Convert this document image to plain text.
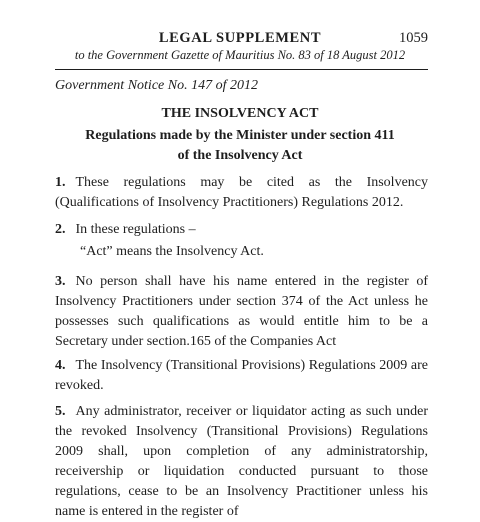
LEGAL SUPPLEMENT	1059
to the Government Gazette of Mauritius No. 83 of 18 August 2012
Government Notice No. 147 of 2012
THE INSOLVENCY ACT
Regulations made by the Minister under section 411
of the Insolvency Act
1. These regulations may be cited as the Insolvency (Qualifications of Insolvency Practitioners) Regulations 2012.
2. In these regulations –
“Act” means the Insolvency Act.
3. No person shall have his name entered in the register of Insolvency Practitioners under section 374 of the Act unless he possesses such qualifications as would entitle him to be a Secretary under section.165 of the Companies Act
4. The Insolvency (Transitional Provisions) Regulations 2009 are revoked.
5. Any administrator, receiver or liquidator acting as such under the revoked Insolvency (Transitional Provisions) Regulations 2009 shall, upon completion of any administratorship, receivership or liquidation conducted pursuant to those regulations, cease to be an Insolvency Practitioner unless his name is entered in the register of
